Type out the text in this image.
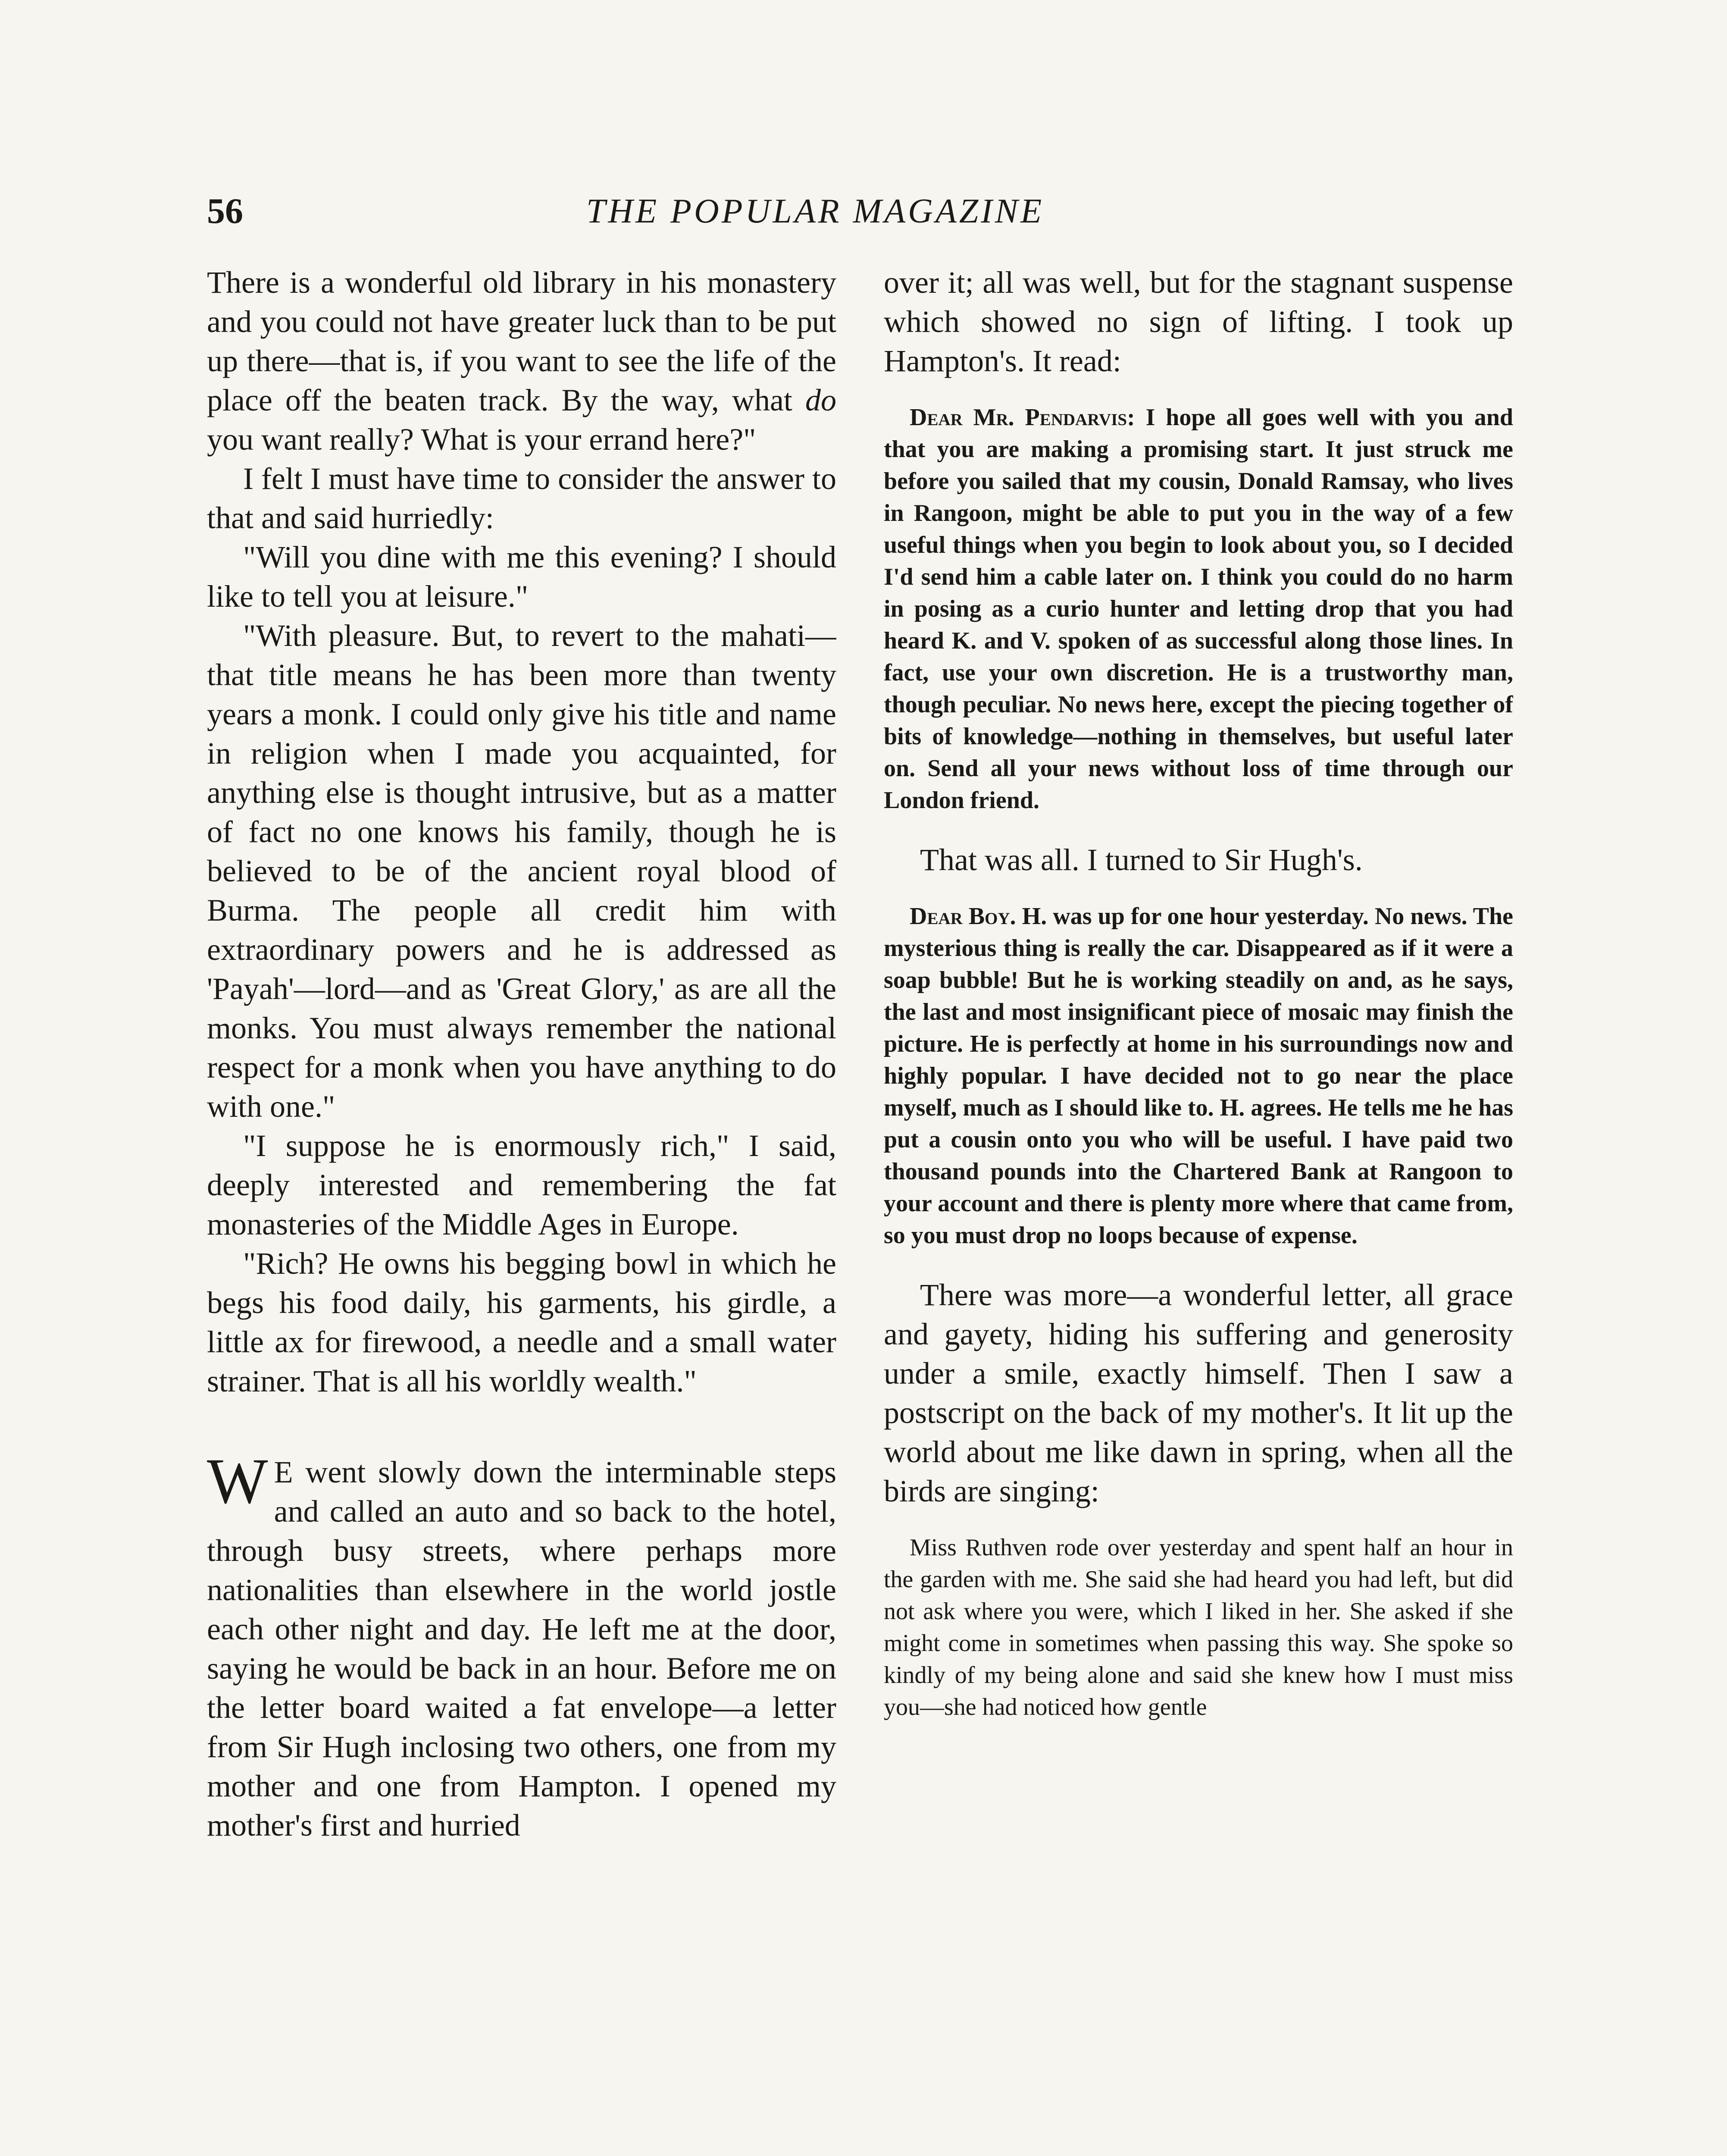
56	THE POPULAR MAGAZINE

There is a wonderful old library in his monastery and you could not have greater luck than to be put up there—that is, if you want to see the life of the place off the beaten track. By the way, what do you want really? What is your errand here?"

I felt I must have time to consider the answer to that and said hurriedly:

"Will you dine with me this evening? I should like to tell you at leisure."

"With pleasure. But, to revert to the mahati—that title means he has been more than twenty years a monk. I could only give his title and name in religion when I made you acquainted, for anything else is thought intrusive, but as a matter of fact no one knows his family, though he is believed to be of the ancient royal blood of Burma. The people all credit him with extraordinary powers and he is addressed as 'Payah'—lord—and as 'Great Glory,' as are all the monks. You must always remember the national respect for a monk when you have anything to do with one."

"I suppose he is enormously rich," I said, deeply interested and remembering the fat monasteries of the Middle Ages in Europe.

"Rich? He owns his begging bowl in which he begs his food daily, his garments, his girdle, a little ax for firewood, a needle and a small water strainer. That is all his worldly wealth."

W E went slowly down the interminable steps and called an auto and so back to the hotel, through busy streets, where perhaps more nationalities than elsewhere in the world jostle each other night and day. He left me at the door, saying he would be back in an hour. Before me on the letter board waited a fat envelope—a letter from Sir Hugh inclosing two others, one from my mother and one from Hampton. I opened my mother's first and hurried

over it; all was well, but for the stagnant suspense which showed no sign of lifting. I took up Hampton's. It read:

Dear Mr. Pendarvis: I hope all goes well with you and that you are making a promising start. It just struck me before you sailed that my cousin, Donald Ramsay, who lives in Rangoon, might be able to put you in the way of a few useful things when you begin to look about you, so I decided I'd send him a cable later on. I think you could do no harm in posing as a curio hunter and letting drop that you had heard K. and V. spoken of as successful along those lines. In fact, use your own discretion. He is a trustworthy man, though peculiar. No news here, except the piecing together of bits of knowledge—nothing in themselves, but useful later on. Send all your news without loss of time through our London friend.

That was all. I turned to Sir Hugh's.

Dear Boy. H. was up for one hour yesterday. No news. The mysterious thing is really the car. Disappeared as if it were a soap bubble! But he is working steadily on and, as he says, the last and most insignificant piece of mosaic may finish the picture. He is perfectly at home in his surroundings now and highly popular. I have decided not to go near the place myself, much as I should like to. H. agrees. He tells me he has put a cousin onto you who will be useful. I have paid two thousand pounds into the Chartered Bank at Rangoon to your account and there is plenty more where that came from, so you must drop no loops because of expense.

There was more—a wonderful letter, all grace and gayety, hiding his suffering and generosity under a smile, exactly himself. Then I saw a postscript on the back of my mother's. It lit up the world about me like dawn in spring, when all the birds are singing:

Miss Ruthven rode over yesterday and spent half an hour in the garden with me. She said she had heard you had left, but did not ask where you were, which I liked in her. She asked if she might come in sometimes when passing this way. She spoke so kindly of my being alone and said she knew how I must miss you—she had noticed how gentle
